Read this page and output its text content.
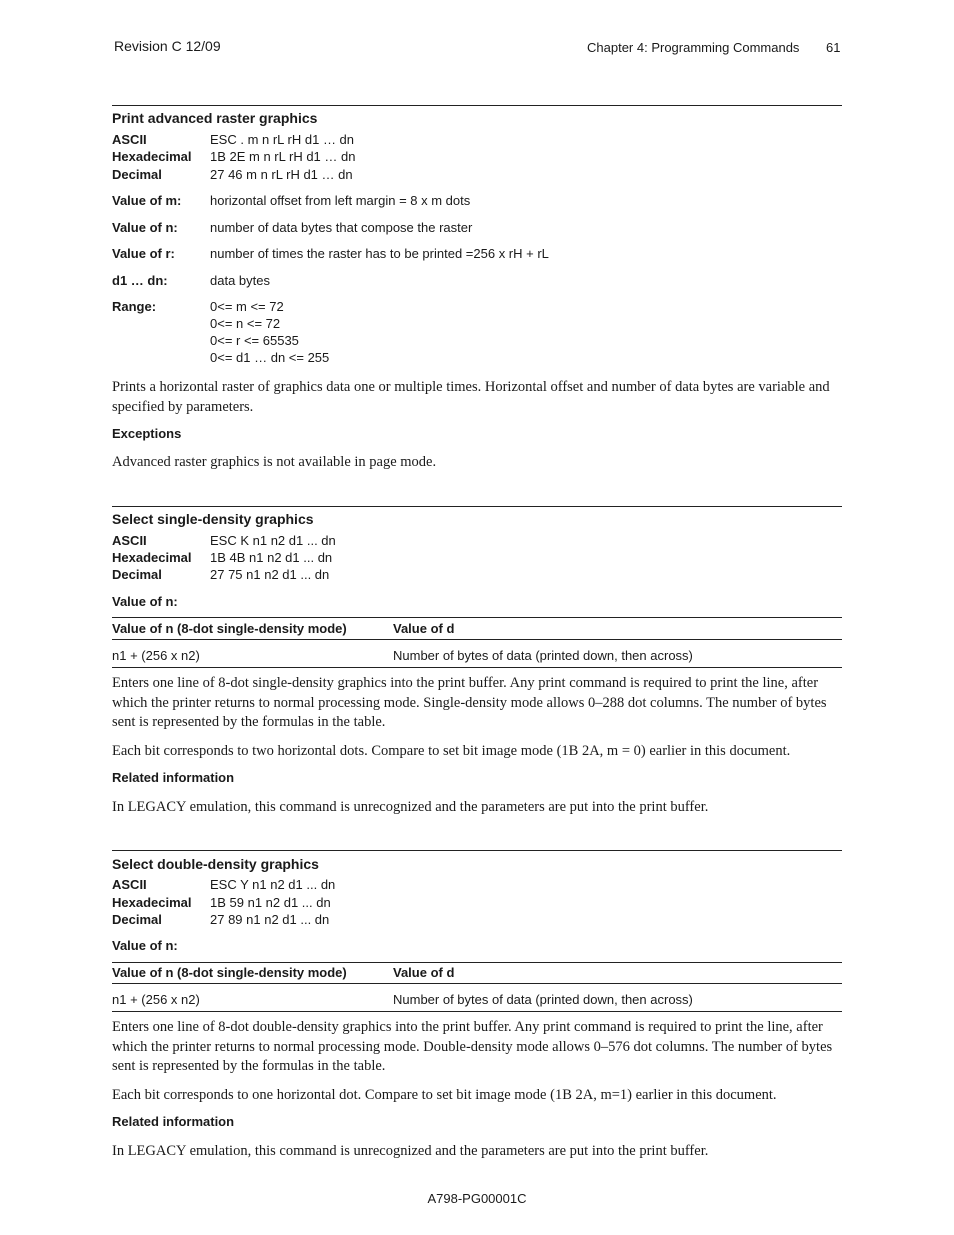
Revision C 12/09	Chapter 4: Programming Commands 61
Print advanced raster graphics
ASCII	ESC . m n rL rH d1 … dn
Hexadecimal 1B 2E m n rL rH d1 … dn
Decimal	27 46 m n rL rH d1 … dn
Value of m: horizontal offset from left margin = 8 x m dots
Value of n: number of data bytes that compose the raster
Value of r:	number of times the raster has to be printed =256 x rH + rL
d1 … dn:	data bytes
Range:	0<= m <= 72
0<= n <= 72
0<= r <= 65535
0<= d1 … dn <= 255
Prints a horizontal raster of graphics data one or multiple times. Horizontal offset and number of data bytes are variable and specified by parameters.
Exceptions
Advanced raster graphics is not available in page mode.
Select single-density graphics
ASCII	ESC K n1 n2 d1 ... dn
Hexadecimal 1B 4B n1 n2 d1 ... dn
Decimal	27 75 n1 n2 d1 ... dn
Value of n:
Value of n (8-dot single-density mode)	Value of d
n1 + (256 x n2)	Number of bytes of data (printed down, then across)
Enters one line of 8-dot single-density graphics into the print buffer. Any print command is required to print the line, after which the printer returns to normal processing mode. Single-density mode allows 0–288 dot columns. The number of bytes sent is represented by the formulas in the table.
Each bit corresponds to two horizontal dots. Compare to set bit image mode (1B 2A, m = 0) earlier in this document.
Related information
In LEGACY emulation, this command is unrecognized and the parameters are put into the print buffer.
Select double-density graphics
ASCII	ESC Y n1 n2 d1 ... dn
Hexadecimal 1B 59 n1 n2 d1 ... dn
Decimal	27 89 n1 n2 d1 ... dn
Value of n:
Value of n (8-dot single-density mode)	Value of d
n1 + (256 x n2)	Number of bytes of data (printed down, then across)
Enters one line of 8-dot double-density graphics into the print buffer. Any print command is required to print the line, after which the printer returns to normal processing mode. Double-density mode allows 0–576 dot columns. The number of bytes sent is represented by the formulas in the table.
Each bit corresponds to one horizontal dot. Compare to set bit image mode (1B 2A, m=1) earlier in this document.
Related information
In LEGACY emulation, this command is unrecognized and the parameters are put into the print buffer.
A798-PG00001C
